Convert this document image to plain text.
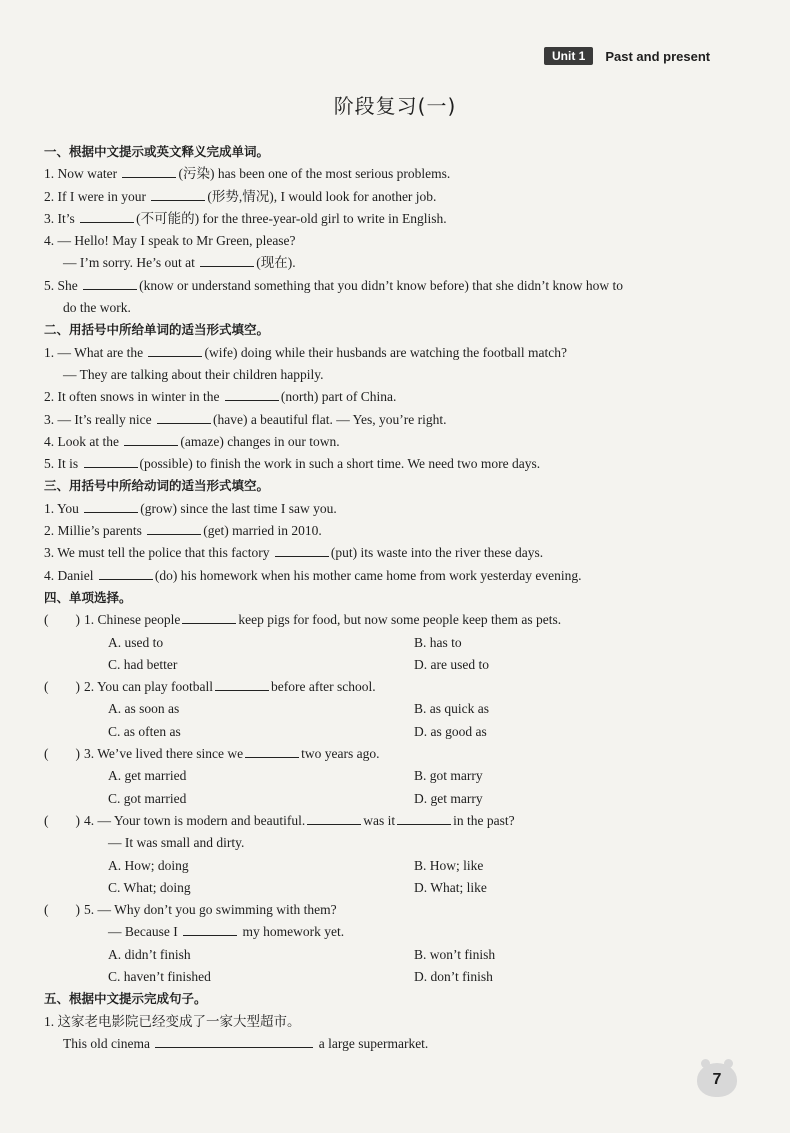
Unit 1	Past and present
阶段复习(一)
一、根据中文提示或英文释义完成单词。
1. Now water	(污染) has been one of the most serious problems.
2. If I were in your	(形势,情况), I would look for another job.
3. It’s	(不可能的) for the three-year-old girl to write in English.
4. — Hello! May I speak to Mr Green, please?
— I’m sorry. He’s out at	(现在).
5. She	(know or understand something that you didn’t know before) that she didn’t know how to
do the work.
二、用括号中所给单词的适当形式填空。
1. — What are the	(wife) doing while their husbands are watching the football match?
— They are talking about their children happily.
2. It often snows in winter in the	(north) part of China.
3. — It’s really nice	(have) a beautiful flat. — Yes, you’re right.
4. Look at the	(amaze) changes in our town.
5. It is	(possible) to finish the work in such a short time. We need two more days.
三、用括号中所给动词的适当形式填空。
1. You	(grow) since the last time I saw you.
2. Millie’s parents	(get) married in 2010.
3. We must tell the police that this factory	(put) its waste into the river these days.
4. Daniel	(do) his homework when his mother came home from work yesterday evening.
四、单项选择。
(　　) 1. Chinese people	keep pigs for food, but now some people keep them as pets.
A. used to	B. has to
C. had better	D. are used to
(　　) 2. You can play football	before after school.
A. as soon as	B. as quick as
C. as often as	D. as good as
(　　) 3. We’ve lived there since we	two years ago.
A. get married	B. got marry
C. got married	D. get marry
(　　) 4. — Your town is modern and beautiful.	was it	in the past?
— It was small and dirty.
A. How; doing	B. How; like
C. What; doing	D. What; like
(　　) 5. — Why don’t you go swimming with them?
— Because I	my homework yet.
A. didn’t finish	B. won’t finish
C. haven’t finished	D. don’t finish
五、根据中文提示完成句子。
1. 这家老电影院已经变成了一家大型超市。
This old cinema	a large supermarket.
7
